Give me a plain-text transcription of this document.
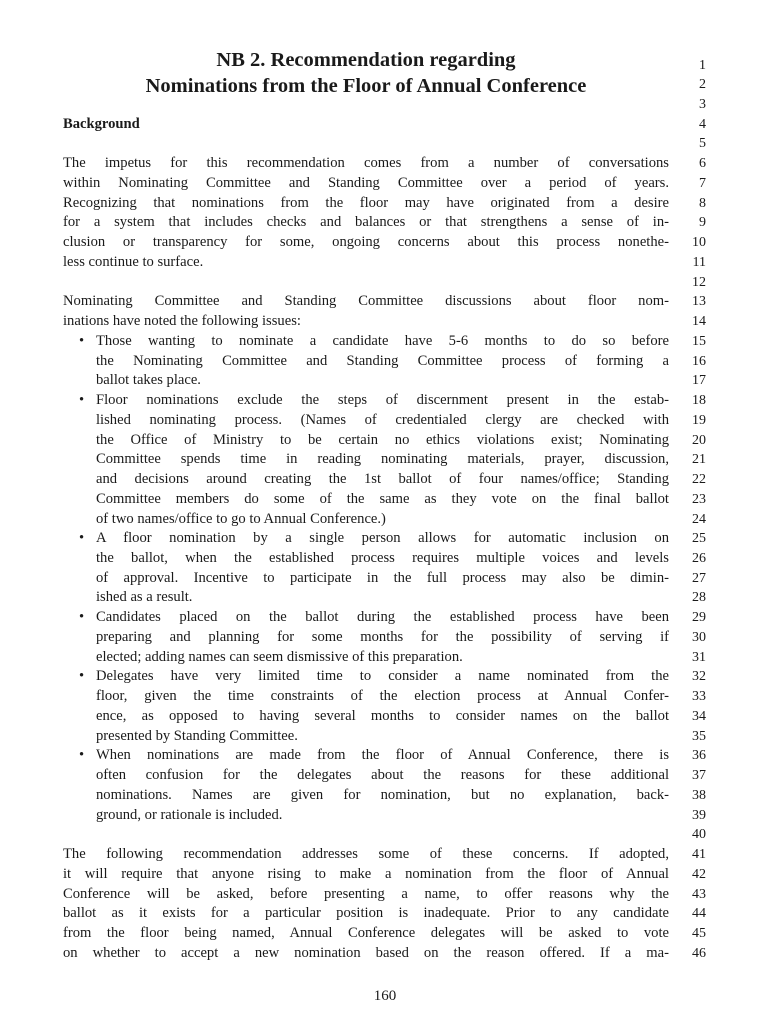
NB 2. Recommendation regarding
Nominations from the Floor of Annual Conference
Background
The impetus for this recommendation comes from a number of conversations
within Nominating Committee and Standing Committee over a period of years.
Recognizing that nominations from the floor may have originated from a desire
for a system that includes checks and balances or that strengthens a sense of in-
clusion or transparency for some, ongoing concerns about this process nonethe-
less continue to surface.
Nominating Committee and Standing Committee discussions about floor nom-
inations have noted the following issues:
• Those wanting to nominate a candidate have 5-6 months to do so before
the Nominating Committee and Standing Committee process of forming a
ballot takes place.
• Floor nominations exclude the steps of discernment present in the estab-
lished nominating process. (Names of credentialed clergy are checked with
the Office of Ministry to be certain no ethics violations exist; Nominating
Committee spends time in reading nominating materials, prayer, discussion,
and decisions around creating the 1st ballot of four names/office; Standing
Committee members do some of the same as they vote on the final ballot
of two names/office to go to Annual Conference.)
• A floor nomination by a single person allows for automatic inclusion on
the ballot, when the established process requires multiple voices and levels
of approval. Incentive to participate in the full process may also be dimin-
ished as a result.
• Candidates placed on the ballot during the established process have been
preparing and planning for some months for the possibility of serving if
elected; adding names can seem dismissive of this preparation.
• Delegates have very limited time to consider a name nominated from the
floor, given the time constraints of the election process at Annual Confer-
ence, as opposed to having several months to consider names on the ballot
presented by Standing Committee.
• When nominations are made from the floor of Annual Conference, there is
often confusion for the delegates about the reasons for these additional
nominations. Names are given for nomination, but no explanation, back-
ground, or rationale is included.
The following recommendation addresses some of these concerns. If adopted,
it will require that anyone rising to make a nomination from the floor of Annual
Conference will be asked, before presenting a name, to offer reasons why the
ballot as it exists for a particular position is inadequate. Prior to any candidate
from the floor being named, Annual Conference delegates will be asked to vote
on whether to accept a new nomination based on the reason offered. If a ma-
1
2
3
4
5
6
7
8
9
10
11
12
13
14
15
16
17
18
19
20
21
22
23
24
25
26
27
28
29
30
31
32
33
34
35
36
37
38
39
40
41
42
43
44
45
46
160
